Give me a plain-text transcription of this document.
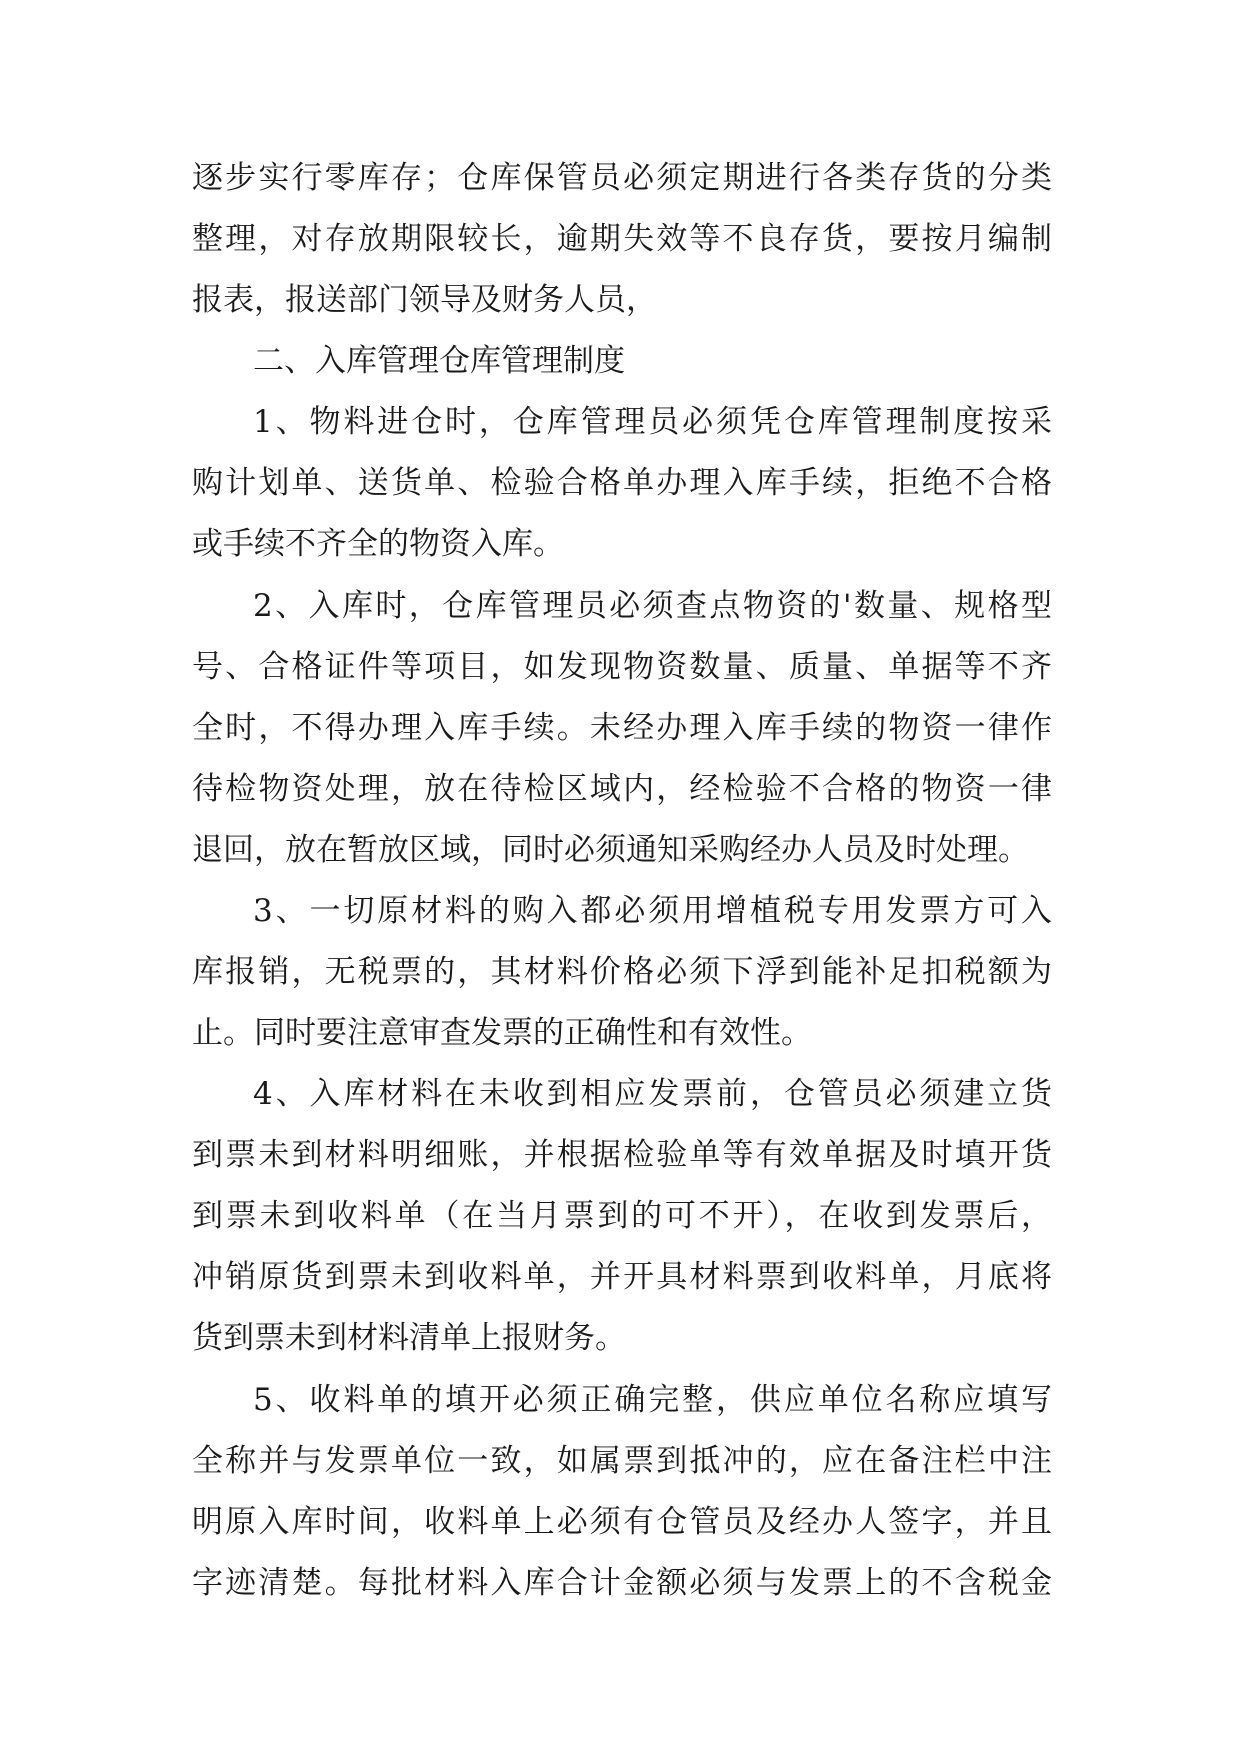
逐步实行零库存；仓库保管员必须定期进行各类存货的分类
整理，对存放期限较长，逾期失效等不良存货，要按月编制
报表，报送部门领导及财务人员，
二、入库管理仓库管理制度
1、物料进仓时，仓库管理员必须凭仓库管理制度按采
购计划单、送货单、检验合格单办理入库手续，拒绝不合格
或手续不齐全的物资入库。
2、入库时，仓库管理员必须查点物资的'数量、规格型
号、合格证件等项目，如发现物资数量、质量、单据等不齐
全时，不得办理入库手续。未经办理入库手续的物资一律作
待检物资处理，放在待检区域内，经检验不合格的物资一律
退回，放在暂放区域，同时必须通知采购经办人员及时处理。
3、一切原材料的购入都必须用增植税专用发票方可入
库报销，无税票的，其材料价格必须下浮到能补足扣税额为
止。同时要注意审查发票的正确性和有效性。
4、入库材料在未收到相应发票前，仓管员必须建立货
到票未到材料明细账，并根据检验单等有效单据及时填开货
到票未到收料单（在当月票到的可不开），在收到发票后，
冲销原货到票未到收料单，并开具材料票到收料单，月底将
货到票未到材料清单上报财务。
5、收料单的填开必须正确完整，供应单位名称应填写
全称并与发票单位一致，如属票到抵冲的，应在备注栏中注
明原入库时间，收料单上必须有仓管员及经办人签字，并且
字迹清楚。每批材料入库合计金额必须与发票上的不含税金
